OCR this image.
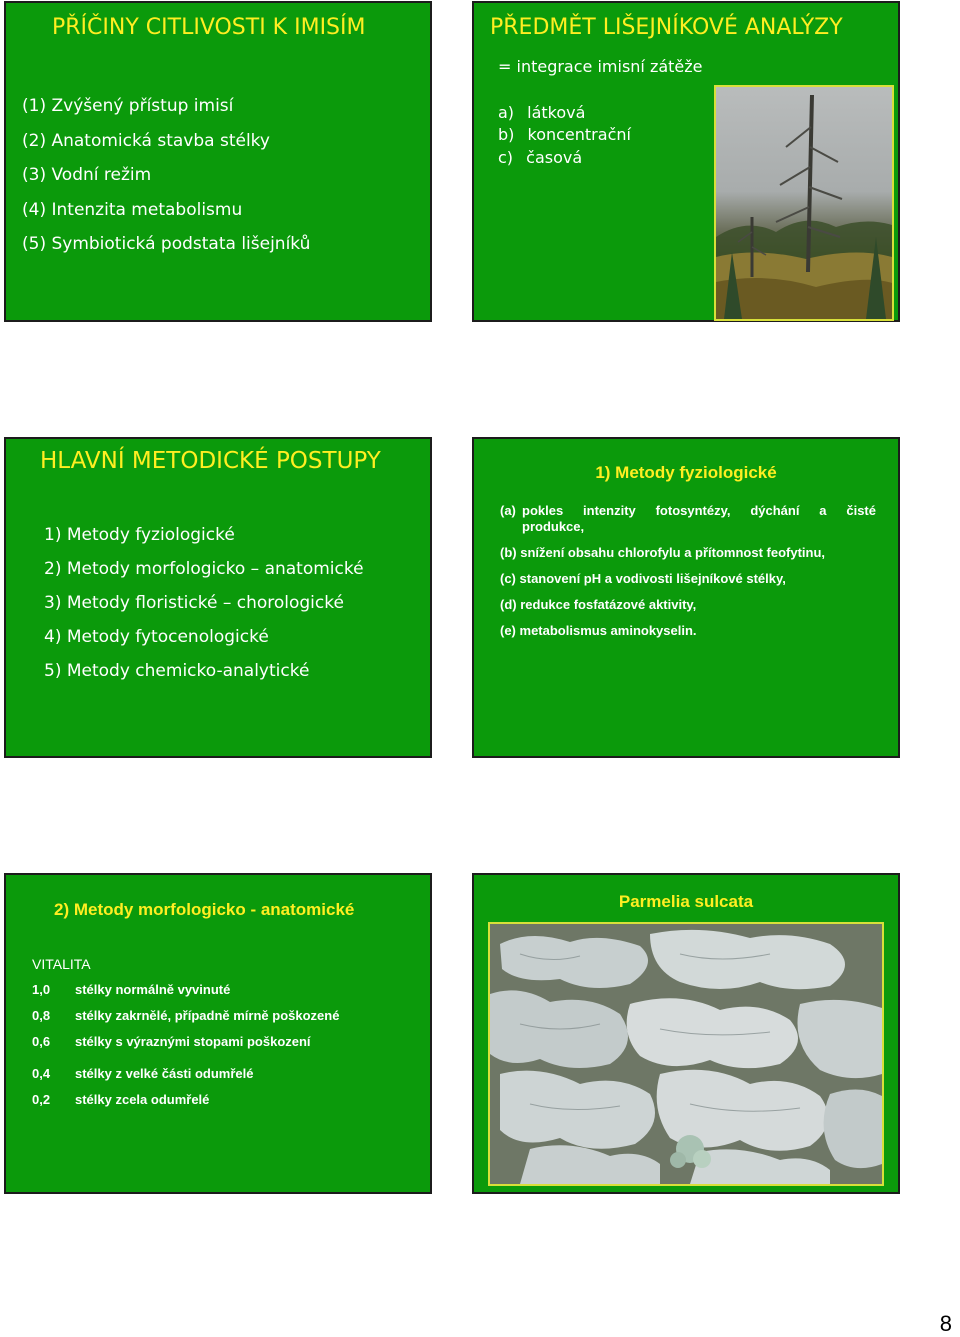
PŘÍČINY CITLIVOSTI K IMISÍM
(1) Zvýšený přístup imisí
(2) Anatomická stavba stélky
(3) Vodní režim
(4) Intenzita metabolismu
(5) Symbiotická podstata lišejníků
PŘEDMĚT LIŠEJNÍKOVÉ ANALÝZY
= integrace imisní zátěže
a) látková
b) koncentrační
c) časová
HLAVNÍ METODICKÉ POSTUPY
1) Metody fyziologické
2) Metody morfologicko – anatomické
3) Metody floristické – chorologické
4) Metody fytocenologické
5) Metody chemicko-analytické
1) Metody fyziologické
(a) pokles intenzity fotosyntézy, dýchání a čisté produkce,
(b) snížení obsahu chlorofylu a přítomnost feofytinu,
(c) stanovení pH a vodivosti lišejníkové stélky,
(d) redukce fosfatázové aktivity,
(e) metabolismus aminokyselin.
2) Metody morfologicko - anatomické
VITALITA
1,0 stélky normálně vyvinuté
0,8 stélky zakrnělé, případně mírně poškozené
0,6 stélky s výraznými stopami poškození
0,4 stélky z velké části odumřelé
0,2 stélky zcela odumřelé
Parmelia sulcata
8
